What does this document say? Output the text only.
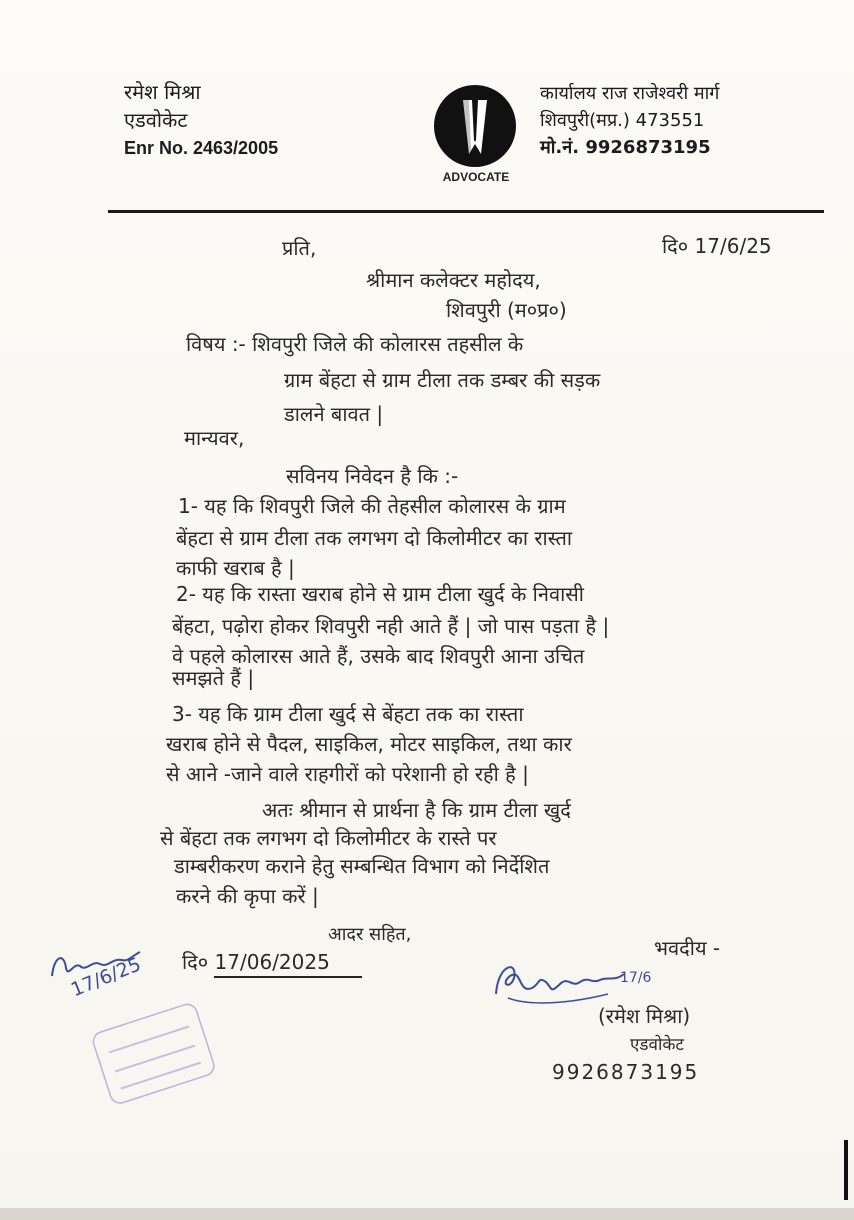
रमेश मिश्रा
एडवोकेट
Enr No. 2463/2005
ADVOCATE
कार्यालय राज राजेश्वरी मार्ग
शिवपुरी(मप्र.) 473551
मो.नं. 9926873195
दि० 17/6/25
प्रति,
श्रीमान कलेक्टर महोदय,
शिवपुरी (म०प्र०)
विषय :- शिवपुरी जिले की कोलारस तहसील के
ग्राम बेंहटा से ग्राम टीला तक डम्बर की सड़क
डालने बावत |
मान्यवर,
सविनय निवेदन है कि :-
1- यह कि शिवपुरी जिले की तेहसील कोलारस के ग्राम
बेंहटा से ग्राम टीला तक लगभग दो किलोमीटर का रास्ता
काफी खराब है |
2- यह कि रास्ता खराब होने से ग्राम टीला खुर्द के निवासी
बेंहटा, पढ़ोरा होकर शिवपुरी नही आते हैं | जो पास पड़ता है |
वे पहले कोलारस आते हैं, उसके बाद शिवपुरी आना उचित
समझते हैं |
3- यह कि ग्राम टीला खुर्द से बेंहटा तक का रास्ता
खराब होने से पैदल, साइकिल, मोटर साइकिल, तथा कार
से आने -जाने वाले राहगीरों को परेशानी हो रही है |
अतः श्रीमान से प्रार्थना है कि ग्राम टीला खुर्द
से बेंहटा तक लगभग दो किलोमीटर के रास्ते पर
डाम्बरीकरण कराने हेतु सम्बन्धित विभाग को निर्देशित
करने की कृपा करें |
आदर सहित,
दि० 17/06/2025
भवदीय -
17/6
(रमेश मिश्रा)
एडवोकेट
9926873195
17/6/25
